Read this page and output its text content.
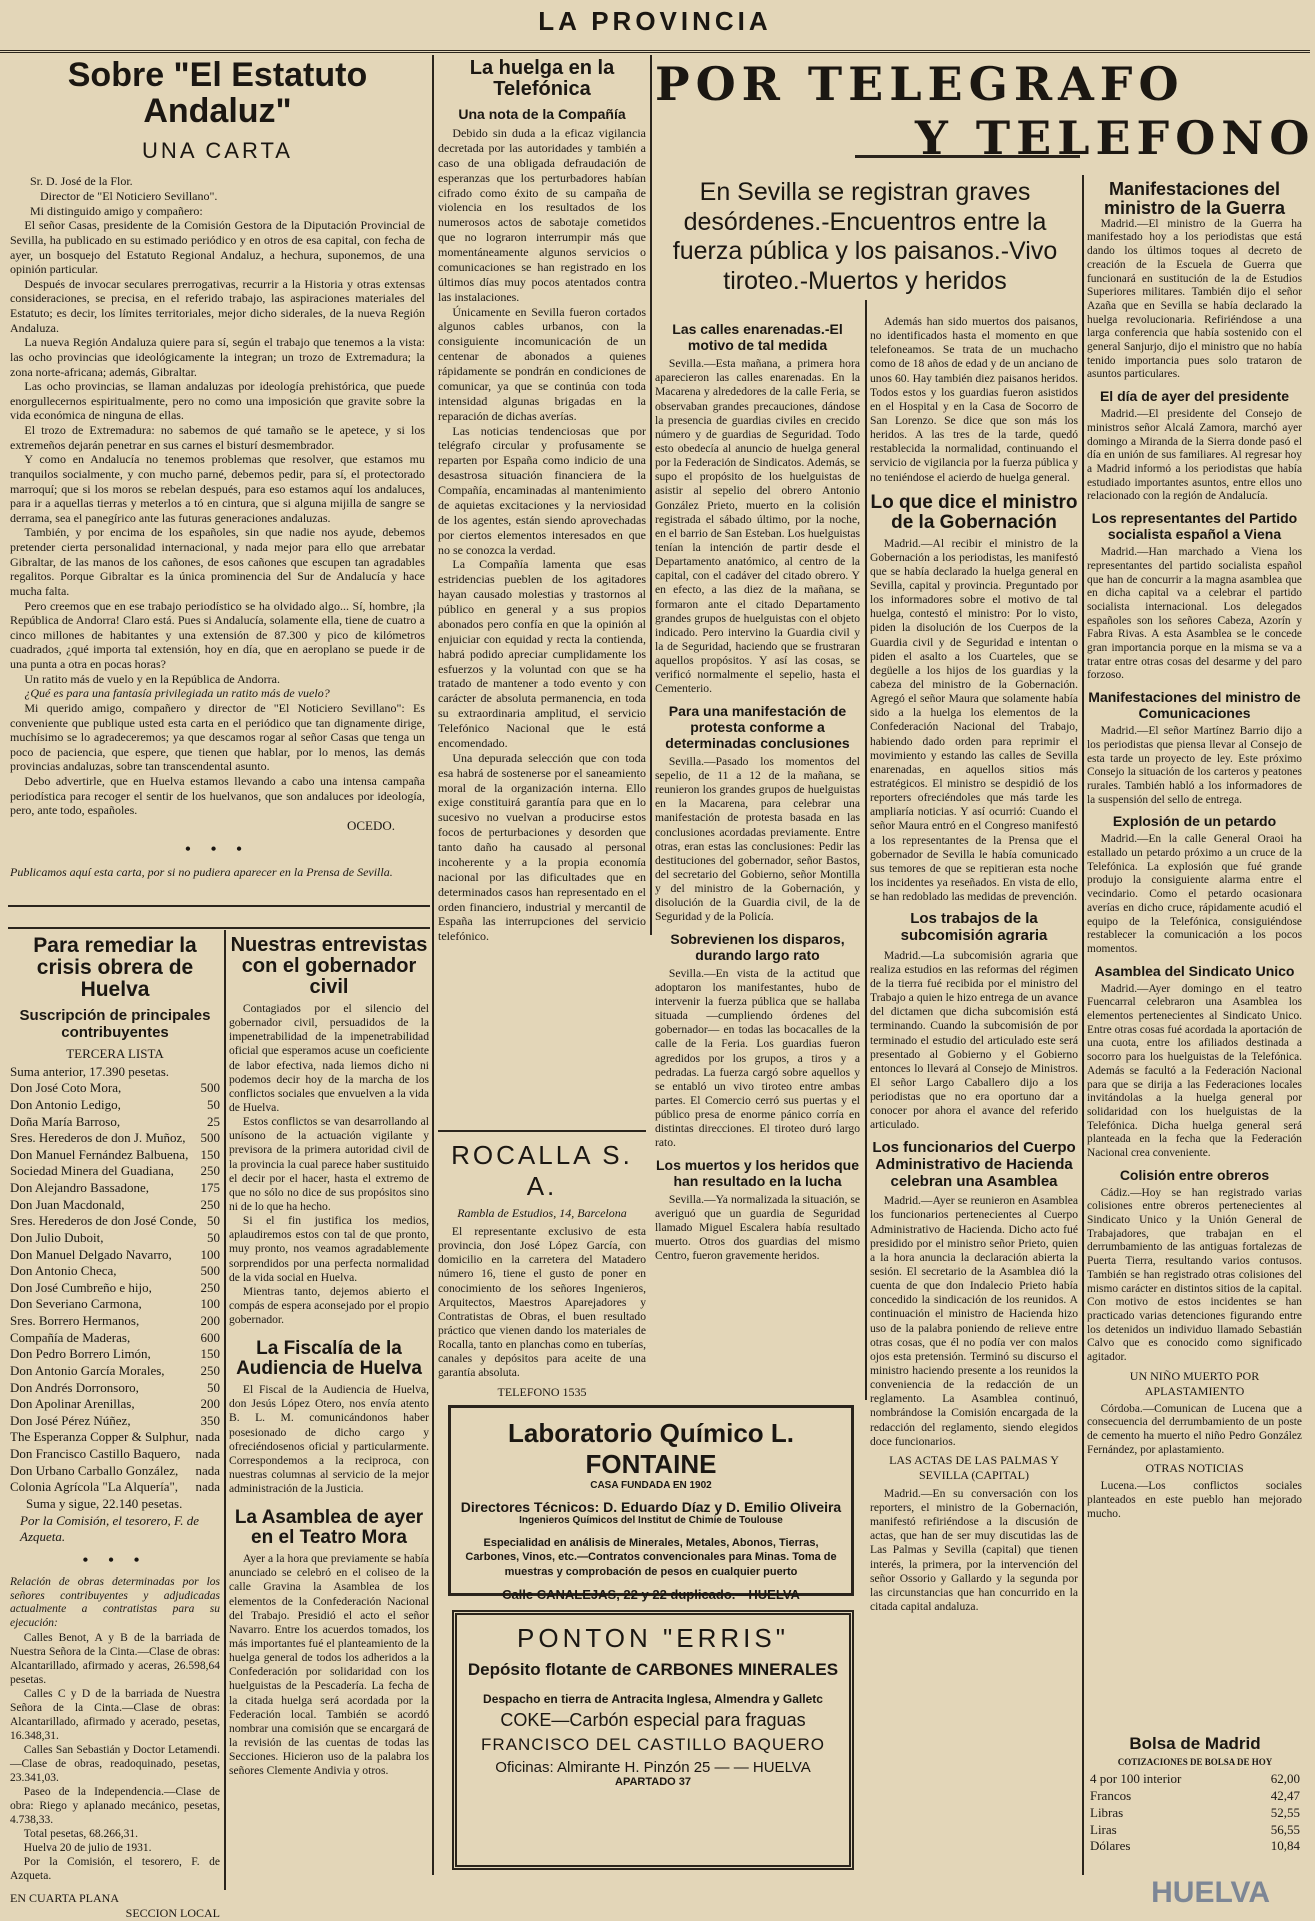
LA PROVINCIA
Sobre "El Estatuto Andaluz"
UNA CARTA
Sr. D. José de la Flor.
Director de "El Noticiero Sevillano".
Mi distinguido amigo y compañero:

El señor Casas, presidente de la Comisión Gestora de la Diputación Provincial de Sevilla, ha publicado en su estimado periódico y en otros de esa capital, con fecha de ayer, un bosquejo del Estatuto Regional Andaluz, a hechura, suponemos, de una opinión particular.

Después de invocar seculares prerrogativas, recurrir a la Historia y otras extensas consideraciones, se precisa, en el referido trabajo, las aspiraciones materiales del Estatuto; es decir, los límites territoriales, mejor dicho siderales, de la nueva Región Andaluza.

La nueva Región Andaluza quiere para sí, según el trabajo que tenemos a la vista: las ocho provincias que ideológicamente la integran; un trozo de Extremadura; la zona norte-africana; además, Gibraltar.

Las ocho provincias, se llaman andaluzas por ideología prehistórica, que puede enorgullecernos espiritualmente, pero no como una imposición que gravite sobre la vida económica de ninguna de ellas.

El trozo de Extremadura: no sabemos de qué tamaño se le apetece, y si los extremeños dejarán penetrar en sus carnes el bisturí desmembrador.

Y como en Andalucía no tenemos problemas que resolver, que estamos mu tranquilos socialmente, y con mucho parné, debemos pedir, para sí, el protectorado marroquí; que si los moros se rebelan después, para eso estamos aquí los andaluces, para ir a aquellas tierras y meterlos a tó en cintura, que si alguna mijilla de sangre se derrama, sea el panegírico ante las futuras generaciones andaluzas.

También, y por encima de los españoles, sin que nadie nos ayude, debemos pretender cierta personalidad internacional, y nada mejor para ello que arrebatar Gibraltar, de las manos de los cañones, de esos cañones que escupen tan agradables regalitos. Porque Gibraltar es la única prominencia del Sur de Andalucía y hace mucha falta.

Pero creemos que en ese trabajo periodístico se ha olvidado algo... Sí, hombre, ¡la República de Andorra! Claro está. Pues si Andalucía, solamente ella, tiene de cuatro a cinco millones de habitantes y una extensión de 87.300 y pico de kilómetros cuadrados, ¿qué importa tal extensión, hoy en día, que en aeroplano se puede ir de una punta a otra en pocas horas?

Un ratito más de vuelo y en la República de Andorra.

¿Qué es para una fantasía privilegiada un ratito más de vuelo?

Mi querido amigo, compañero y director de "El Noticiero Sevillano": Es conveniente que publique usted esta carta en el periódico que tan dignamente dirige, muchísimo se lo agradeceremos; ya que descamos rogar al señor Casas que tenga un poco de paciencia, que espere, que tienen que hablar, por lo menos, las demás provincias andaluzas, sobre tan transcendental asunto.

Debo advertirle, que en Huelva estamos llevando a cabo una intensa campaña periodística para recoger el sentir de los huelvanos, que son andaluces por ideología, pero, ante todo, españoles.

OCEDO.
• • •
Publicamos aquí esta carta, por si no pudiera aparecer en la Prensa de Sevilla.
La huelga en la Telefónica
Una nota de la Compañía

Debido sin duda a la eficaz vigilancia decretada por las autoridades y también a caso de una obligada defraudación de esperanzas que los perturbadores habían cifrado como éxito de su campaña de violencia en los resultados de los numerosos actos de sabotaje cometidos que no lograron interrumpir más que momentáneamente algunos servicios o comunicaciones se han registrado en los últimos días muy pocos atentados contra las instalaciones.

Únicamente en Sevilla fueron cortados algunos cables urbanos, con la consiguiente incomunicación de un centenar de abonados a quienes rápidamente se pondrán en condiciones de comunicar, ya que se continúa con toda intensidad algunas brigadas en la reparación de dichas averías.

Las noticias tendenciosas que por telégrafo circular y profusamente se reparten por España como indicio de una desastrosa situación financiera de la Compañía, encaminadas al mantenimiento de aquietas excitaciones y la nerviosidad de los agentes, están siendo aprovechadas por ciertos elementos interesados en que no se conozca la verdad.

La Compañía lamenta que esas estridencias pueblen de los agitadores hayan causado molestias y trastornos al público en general y a sus propios abonados pero confía en que la opinión al enjuiciar con equidad y recta la contienda, habrá podido apreciar cumplidamente los esfuerzos y la voluntad con que se ha tratado de mantener a todo evento y con carácter de absoluta permanencia, en toda su extraordinaria amplitud, el servicio Telefónico Nacional que le está encomendado.

Una depurada selección que con toda esa habrá de sostenerse por el saneamiento moral de la organización interna. Ello exige constituirá garantía para que en lo sucesivo no vuelvan a producirse estos focos de perturbaciones y desorden que tanto daño ha causado al personal incoherente y a la propia economía nacional por las dificultades que en determinados casos han representado en el orden financiero, industrial y mercantil de España las interrupciones del servicio telefónico.

Para remediar la crisis obrera de Huelva
Suscripción de principales contribuyentes
TERCERA LISTA
Suma anterior, 17.390 pesetas.
Don José Coto Mora,	500
Don Antonio Ledigo,	50
Doña María Barroso,	25
Sres. Herederos de don J. Muñoz, 500
Don Manuel Fernández Balbuena, 150
Sociedad Minera del Guadiana, 250
Don Alejandro Bassadone,	175
Don Juan Macdonald,	250
Sres. Herederos de don José Conde, 50
Don Julio Duboit,	50
Don Manuel Delgado Navarro, 100
Don Antonio Checa,	500
Don José Cumbreño e hijo,	250
Don Severiano Carmona,	100
Sres. Borrero Hermanos,	200
Compañía de Maderas,	600
Don Pedro Borrero Limón,	150
Don Antonio García Morales,	250
Don Andrés Dorronsoro,	50
Don Apolinar Arenillas,	200
Don José Pérez Núñez,	350
The Esperanza Copper & Sulphur, nada
Don Francisco Castillo Baquero, nada
Don Urbano Carballo González, nada
Colonia Agrícola "La Alquería", nada
Suma y sigue, 22.140 pesetas.
Por la Comisión, el tesorero, F. de Azqueta.
• • •
Relación de obras determinadas por los señores contribuyentes y adjudicadas actualmente a contratistas para su ejecución:

Calles Benot, A y B de la barriada de Nuestra Señora de la Cinta.—Clase de obras: Alcantarillado, afirmado y aceras, 26.598,64 pesetas.

Calles C y D de la barriada de Nuestra Señora de la Cinta.—Clase de obras: Alcantarillado, afirmado y acerado, pesetas, 16.348,31.

Calles San Sebastián y Doctor Letamendi.—Clase de obras, readoquinado, pesetas, 23.341,03.

Paseo de la Independencia.—Clase de obra: Riego y aplanado mecánico, pesetas, 4.738,33.

Total pesetas, 68.266,31.

Huelva 20 de julio de 1931.

Por la Comisión, el tesorero, F. de Azqueta.

EN CUARTA PLANA
SECCION LOCAL
Nuestras entrevistas con el gobernador civil

Contagiados por el silencio del gobernador civil, persuadidos de la impenetrabilidad de la impenetrabilidad oficial que esperamos acuse un coeficiente de labor efectiva, nada liemos dicho ni podemos decir hoy de la marcha de los conflictos sociales que envuelven a la vida de Huelva.

Estos conflictos se van desarrollando al unísono de la actuación vigilante y previsora de la primera autoridad civil de la provincia la cual parece haber sustituido el decir por el hacer, hasta el extremo de que no sólo no dice de sus propósitos sino ni de lo que ha hecho.

Si el fin justifica los medios, aplaudiremos estos con tal de que pronto, muy pronto, nos veamos agradablemente sorprendidos por una perfecta normalidad de la vida social en Huelva.

Mientras tanto, dejemos abierto el compás de espera aconsejado por el propio gobernador.

La Fiscalía de la Audiencia de Huelva

El Fiscal de la Audiencia de Huelva, don Jesús López Otero, nos envía atento B. L. M. comunicándonos haber posesionado de dicho cargo y ofreciéndosenos oficial y particularmente. Correspondemos a la reciproca, con nuestras columnas al servicio de la mejor administración de la Justicia.

La Asamblea de ayer en el Teatro Mora

Ayer a la hora que previamente se había anunciado se celebró en el coliseo de la calle Gravina la Asamblea de los elementos de la Confederación Nacional del Trabajo. Presidió el acto el señor Navarro. Entre los acuerdos tomados, los más importantes fué el planteamiento de la huelga general de todos los adheridos a la Confederación por solidaridad con los huelguistas de la Pescadería. La fecha de la citada huelga será acordada por la Federación local. También se acordó nombrar una comisión que se encargará de la revisión de las cuentas de todas las Secciones. Hicieron uso de la palabra los señores Clemente Andivia y otros.

ROCALLA S. A.
Rambla de Estudios, 14, Barcelona

El representante exclusivo de esta provincia, don José López García, con domicilio en la carretera del Matadero número 16, tiene el gusto de poner en conocimiento de los señores Ingenieros, Arquitectos, Maestros Aparejadores y Contratistas de Obras, el buen resultado práctico que vienen dando los materiales de Rocalla, tanto en planchas como en tuberías, canales y depósitos para aceite de una garantía absoluta.

TELEFONO 1535
POR TELEGRAFO
Y TELEFONO
En Sevilla se registran graves desórdenes.-Encuentros entre la fuerza pública y los paisanos.-Vivo tiroteo.-Muertos y heridos
Las calles enarenadas.-El motivo de tal medida

Sevilla.—Esta mañana, a primera hora aparecieron las calles enarenadas. En la Macarena y alrededores de la calle Feria, se observaban grandes precauciones, dándose la presencia de guardias civiles en crecido número y de guardias de Seguridad. Todo esto obedecía al anuncio de huelga general por la Federación de Sindicatos. Además, se supo el propósito de los huelguistas de asistir al sepelio del obrero Antonio González Prieto, muerto en la colisión registrada el sábado último, por la noche, en el barrio de San Esteban. Los huelguistas tenían la intención de partir desde el Departamento anatómico, al centro de la capital, con el cadáver del citado obrero. Y en efecto, a las diez de la mañana, se formaron ante el citado Departamento grandes grupos de huelguistas con el objeto indicado. Pero intervino la Guardia civil y la de Seguridad, haciendo que se frustraran aquellos propósitos. Y así las cosas, se verificó normalmente el sepelio, hasta el Cementerio.

Para una manifestación de protesta conforme a determinadas conclusiones

Sevilla.—Pasado los momentos del sepelio, de 11 a 12 de la mañana, se reunieron los grandes grupos de huelguistas en la Macarena, para celebrar una manifestación de protesta basada en las conclusiones acordadas previamente. Entre otras, eran estas las conclusiones: Pedir las destituciones del gobernador, señor Bastos, del secretario del Gobierno, señor Montilla y del ministro de la Gobernación, y disolución de la Guardia civil, de la de Seguridad y de la Policía.

Sobrevienen los disparos, durando largo rato

Sevilla.—En vista de la actitud que adoptaron los manifestantes, hubo de intervenir la fuerza pública que se hallaba situada —cumpliendo órdenes del gobernador— en todas las bocacalles de la calle de la Feria. Los guardias fueron agredidos por los grupos, a tiros y a pedradas. La fuerza cargó sobre aquellos y se entabló un vivo tiroteo entre ambas partes. El Comercio cerró sus puertas y el público presa de enorme pánico corría en distintas direcciones. El tiroteo duró largo rato.

Los muertos y los heridos que han resultado en la lucha

Sevilla.—Ya normalizada la situación, se averiguó que un guardia de Seguridad llamado Miguel Escalera había resultado muerto. Otros dos guardias del mismo Centro, fueron gravemente heridos.

Además han sido muertos dos paisanos, no identificados hasta el momento en que telefoneamos. Se trata de un muchacho como de 18 años de edad y de un anciano de unos 60. Hay también diez paisanos heridos. Todos estos y los guardias fueron asistidos en el Hospital y en la Casa de Socorro de San Lorenzo. Se dice que son más los heridos. A las tres de la tarde, quedó restablecida la normalidad, continuando el servicio de vigilancia por la fuerza pública y no teniéndose el acierdo de huelga general.

Lo que dice el ministro de la Gobernación

Madrid.—Al recibir el ministro de la Gobernación a los periodistas, les manifestó que se había declarado la huelga general en Sevilla, capital y provincia. Preguntado por los informadores sobre el motivo de tal huelga, contestó el ministro: Por lo visto, piden la disolución de los Cuerpos de la Guardia civil y de Seguridad e intentan o piden el asalto a los Cuarteles, que se degüelle a los hijos de los guardias y la cabeza del ministro de la Gobernación. Agregó el señor Maura que solamente había sido a la huelga los elementos de la Confederación Nacional del Trabajo, habiendo dado orden para reprimir el movimiento y estando las calles de Sevilla enarenadas, en aquellos sitios más estratégicos. El ministro se despidió de los reporters ofreciéndoles que más tarde les ampliaría noticias. Y así ocurrió: Cuando el señor Maura entró en el Congreso manifestó a los representantes de la Prensa que el gobernador de Sevilla le había comunicado sus temores de que se repitieran esta noche los incidentes ya reseñados. En vista de ello, se han redoblado las medidas de prevención.

Los trabajos de la subcomisión agraria

Madrid.—La subcomisión agraria que realiza estudios en las reformas del régimen de la tierra fué recibida por el ministro del Trabajo a quien le hizo entrega de un avance del dictamen que dicha subcomisión está terminando. Cuando la subcomisión de por terminado el estudio del articulado este será presentado al Gobierno y el Gobierno entonces lo llevará al Consejo de Ministros. El señor Largo Caballero dijo a los periodistas que no era oportuno dar a conocer por ahora el avance del referido articulado.

Los funcionarios del Cuerpo Administrativo de Hacienda celebran una Asamblea

Madrid.—Ayer se reunieron en Asamblea los funcionarios pertenecientes al Cuerpo Administrativo de Hacienda. Dicho acto fué presidido por el ministro señor Prieto, quien a la hora anuncia la declaración abierta la sesión. El secretario de la Asamblea dió la cuenta de que don Indalecio Prieto había concedido la sindicación de los reunidos. A continuación el ministro de Hacienda hizo uso de la palabra poniendo de relieve entre otras cosas, que él no podía ver con malos ojos esta pretensión. Terminó su discurso el ministro haciendo presente a los reunidos la conveniencia de la redacción de un reglamento. La Asamblea continuó, nombrándose la Comisión encargada de la redacción del reglamento, siendo elegidos doce funcionarios.

LAS ACTAS DE LAS PALMAS Y SEVILLA (CAPITAL)

Madrid.—En su conversación con los reporters, el ministro de la Gobernación, manifestó refiriéndose a la discusión de actas, que han de ser muy discutidas las de Las Palmas y Sevilla (capital) que tienen interés, la primera, por la intervención del señor Ossorio y Gallardo y la segunda por las circunstancias que han concurrido en la citada capital andaluza.

Laboratorio Químico L. FONTAINE
CASA FUNDADA EN 1902
Directores Técnicos: D. Eduardo Díaz y D. Emilio Oliveira
Ingenieros Químicos del Institut de Chimie de Toulouse
Especialidad en análisis de Minerales, Metales, Abonos, Tierras, Carbones, Vinos, etc.—Contratos convencionales para Minas. Toma de muestras y comprobación de pesos en cualquier puerto
Calle CANALEJAS, 22 y 22 duplicado.—HUELVA
PONTON "ERRIS"
Depósito flotante de CARBONES MINERALES
Despacho en tierra de Antracita Inglesa, Almendra y Galletc
COKE—Carbón especial para fraguas
FRANCISCO DEL CASTILLO BAQUERO
Oficinas: Almirante H. Pinzón 25 — — HUELVA
APARTADO 37
Manifestaciones del ministro de la Guerra

Madrid.—El ministro de la Guerra ha manifestado hoy a los periodistas que está dando los últimos toques al decreto de creación de la Escuela de Guerra que funcionará en sustitución de la de Estudios Superiores militares. También dijo el señor Azaña que en Sevilla se había declarado la huelga revolucionaria. Refiriéndose a una larga conferencia que había sostenido con el general Sanjurjo, dijo el ministro que no había tenido importancia pues solo trataron de asuntos particulares.

El día de ayer del presidente

Madrid.—El presidente del Consejo de ministros señor Alcalá Zamora, marchó ayer domingo a Miranda de la Sierra donde pasó el día en unión de sus familiares. Al regresar hoy a Madrid informó a los periodistas que había estudiado importantes asuntos, entre ellos uno relacionado con la región de Andalucía.

Los representantes del Partido socialista español a Viena

Madrid.—Han marchado a Viena los representantes del partido socialista español que han de concurrir a la magna asamblea que en dicha capital va a celebrar el partido socialista internacional. Los delegados españoles son los señores Cabeza, Azorín y Fabra Rivas. A esta Asamblea se le concede gran importancia porque en la misma se va a tratar entre otras cosas del desarme y del paro forzoso.

Manifestaciones del ministro de Comunicaciones

Madrid.—El señor Martínez Barrio dijo a los periodistas que piensa llevar al Consejo de esta tarde un proyecto de ley. Este próximo Consejo la situación de los carteros y peatones rurales. También habló a los informadores de la suspensión del sello de entrega.

Explosión de un petardo

Madrid.—En la calle General Oraoi ha estallado un petardo próximo a un cruce de la Telefónica. La explosión que fué grande produjo la consiguiente alarma entre el vecindario. Como el petardo ocasionara averías en dicho cruce, rápidamente acudió el equipo de la Telefónica, consiguiéndose restablecer la comunicación a los pocos momentos.

Asamblea del Sindicato Unico

Madrid.—Ayer domingo en el teatro Fuencarral celebraron una Asamblea los elementos pertenecientes al Sindicato Unico. Entre otras cosas fué acordada la aportación de una cuota, entre los afiliados destinada a socorro para los huelguistas de la Telefónica. Además se facultó a la Federación Nacional para que se dirija a las Federaciones locales invitándolas a la huelga general por solidaridad con los huelguistas de la Telefónica. Dicha huelga general será planteada en la fecha que la Federación Nacional crea conveniente.

Colisión entre obreros

Cádiz.—Hoy se han registrado varias colisiones entre obreros pertenecientes al Sindicato Unico y la Unión General de Trabajadores, que trabajan en el derrumbamiento de las antiguas fortalezas de Puerta Tierra, resultando varios contusos. También se han registrado otras colisiones del mismo carácter en distintos sitios de la capital. Con motivo de estos incidentes se han practicado varias detenciones figurando entre los detenidos un individuo llamado Sebastián Calvo que es conocido como significado agitador.

UN NIÑO MUERTO POR APLASTAMIENTO

Córdoba.—Comunican de Lucena que a consecuencia del derrumbamiento de un poste de cemento ha muerto el niño Pedro González Fernández, por aplastamiento.

OTRAS NOTICIAS

Lucena.—Los conflictos sociales planteados en este pueblo han mejorado mucho.

Bolsa de Madrid
COTIZACIONES DE BOLSA DE HOY
4 por 100 interior	62,00
Francos	42,47
Libras	52,55
Liras	56,55
Dólares	10,84
HUELVA
